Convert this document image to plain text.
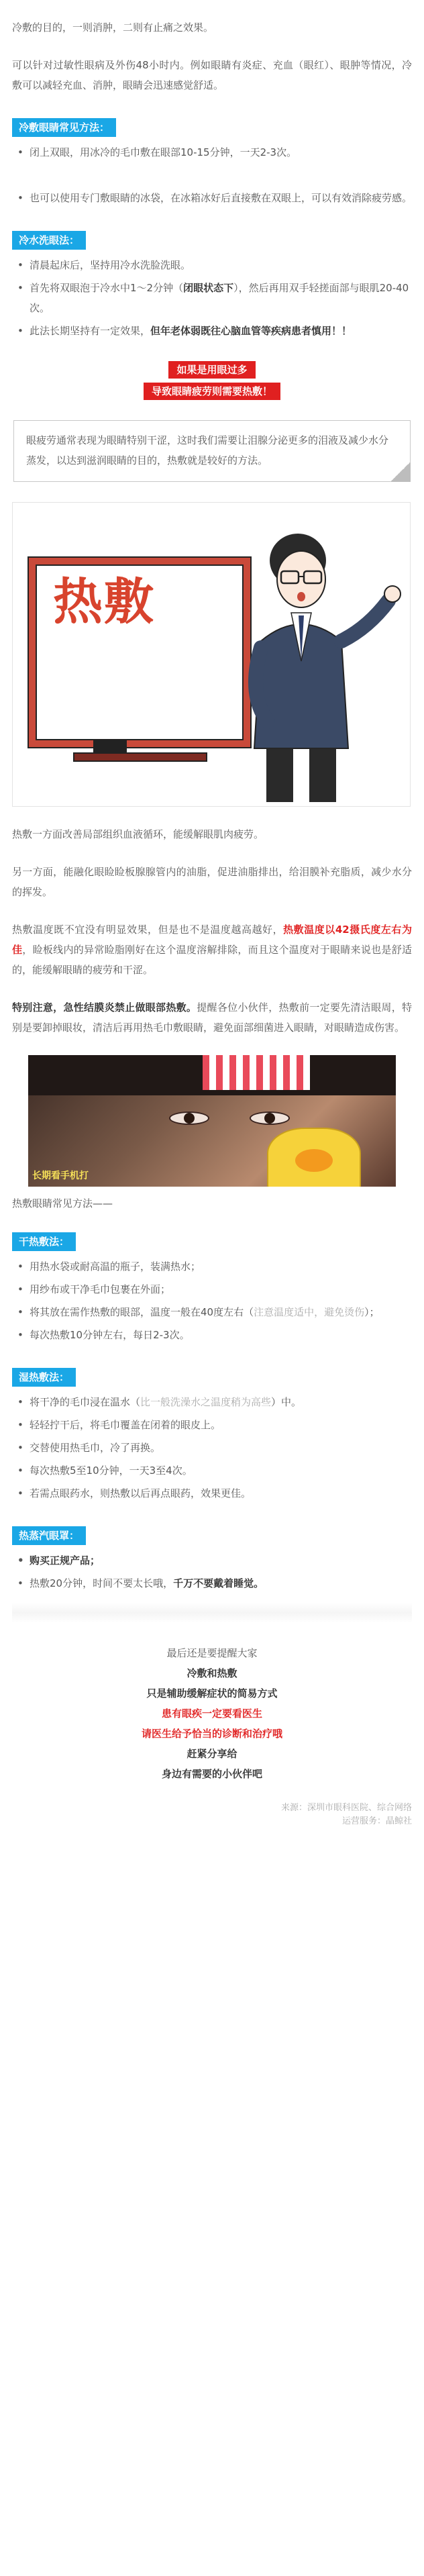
冷敷的目的，一则消肿，二则有止痛之效果。

可以针对过敏性眼病及外伤48小时内。例如眼睛有炎症、充血（眼红）、眼肿等情况，冷敷可以减轻充血、消肿，眼睛会迅速感觉舒适。

冷敷眼睛常见方法：
• 闭上双眼，用冰冷的毛巾敷在眼部10-15分钟，一天2-3次。
• 也可以使用专门敷眼睛的冰袋，在冰箱冰好后直接敷在双眼上，可以有效消除疲劳感。
冷水洗眼法：
• 清晨起床后，坚持用冷水洗脸洗眼。
• 首先将双眼泡于冷水中1～2分钟（闭眼状态下），然后再用双手轻搓面部与眼肌20-40次。
• 此法长期坚持有一定效果，但年老体弱既往心脑血管等疾病患者慎用！！
如果是用眼过多
导致眼睛疲劳则需要热敷！

眼疲劳通常表现为眼睛特别干涩，这时我们需要让泪腺分泌更多的泪液及减少水分蒸发，以达到滋润眼睛的目的，热敷就是较好的方法。

热敷

热敷一方面改善局部组织血液循环，能缓解眼肌肉疲劳。

另一方面，能融化眼睑睑板腺腺管内的油脂，促进油脂排出，给泪膜补充脂质，减少水分的挥发。

热敷温度既不宜没有明显效果，但是也不是温度越高越好，热敷温度以42摄氏度左右为佳，睑板线内的异常睑脂刚好在这个温度溶解排除，而且这个温度对于眼睛来说也是舒适的，能缓解眼睛的疲劳和干涩。

特别注意，急性结膜炎禁止做眼部热敷。提醒各位小伙伴，热敷前一定要先清洁眼周，特别是要卸掉眼妆，清洁后再用热毛巾敷眼睛，避免面部细菌进入眼睛，对眼睛造成伤害。

长期看手机打

热敷眼睛常见方法——

干热敷法：
• 用热水袋或耐高温的瓶子，装满热水；
• 用纱布或干净毛巾包裹在外面；
• 将其放在需作热敷的眼部，温度一般在40度左右（注意温度适中，避免烫伤）；
• 每次热敷10分钟左右，每日2-3次。
湿热敷法：
• 将干净的毛巾浸在温水（比一般洗澡水之温度稍为高些）中。
• 轻轻拧干后，将毛巾覆盖在闭着的眼皮上。
• 交替使用热毛巾，冷了再换。
• 每次热敷5至10分钟，一天3至4次。
• 若需点眼药水，则热敷以后再点眼药，效果更佳。
热蒸汽眼罩：
• 购买正规产品；
• 热敷20分钟，时间不要太长哦，千万不要戴着睡觉。
最后还是要提醒大家
冷敷和热敷
只是辅助缓解症状的简易方式
患有眼疾一定要看医生
请医生给予恰当的诊断和治疗哦
赶紧分享给
身边有需要的小伙伴吧
来源：深圳市眼科医院、综合网络
运营服务：晶鲸社
